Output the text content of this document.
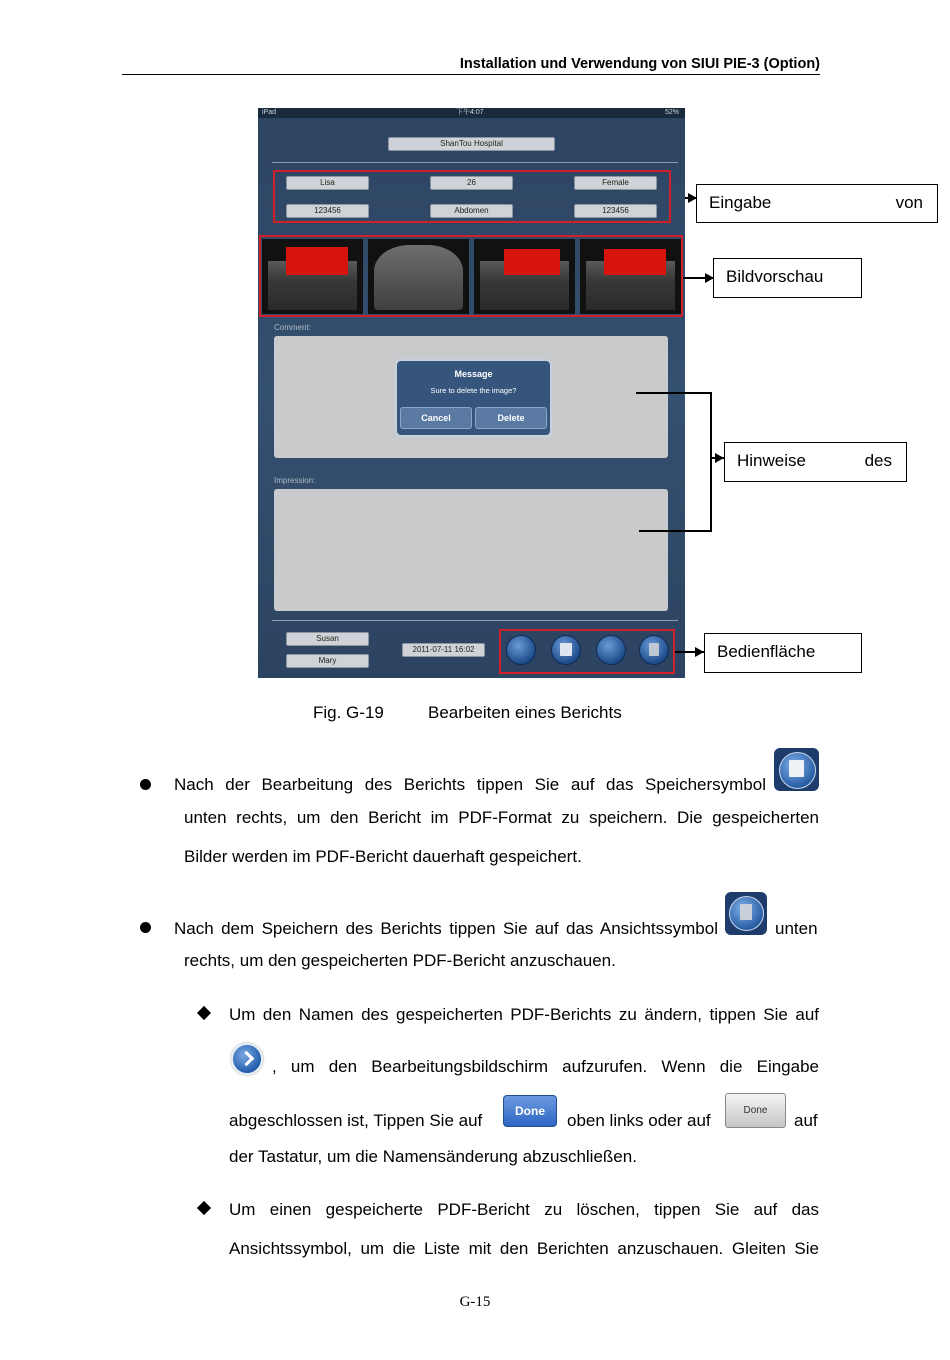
Installation und Verwendung von SIUI PIE-3 (Option)
iPad	下午4:07	52%
ShanTou Hospital
Lisa	26	Female
123456	Abdomen	123456
Comment:
Message
Sure to delete the image?
Cancel	Delete
Impression:
Susan
Mary
2011-07-11 16:02
Eingabe	von
Bildvorschau
Hinweise	des
Bedienfläche
Fig. G-19	Bearbeiten eines Berichts
Nach der Bearbeitung des Berichts tippen Sie auf das Speichersymbol
unten rechts, um den Bericht im PDF-Format zu speichern. Die gespeicherten
Bilder werden im PDF-Bericht dauerhaft gespeichert.
Nach dem Speichern des Berichts tippen Sie auf das Ansichtssymbol	unten
rechts, um den gespeicherten PDF-Bericht anzuschauen.
Um den Namen des gespeicherten PDF-Berichts zu ändern, tippen Sie auf
, um den Bearbeitungsbildschirm aufzurufen. Wenn die Eingabe
abgeschlossen ist, Tippen Sie auf	Done	oben links oder auf
Done
auf
der Tastatur, um die Namensänderung abzuschließen.
Um einen gespeicherte PDF-Bericht zu löschen, tippen Sie auf das
Ansichtssymbol, um die Liste mit den Berichten anzuschauen. Gleiten Sie
G-15
